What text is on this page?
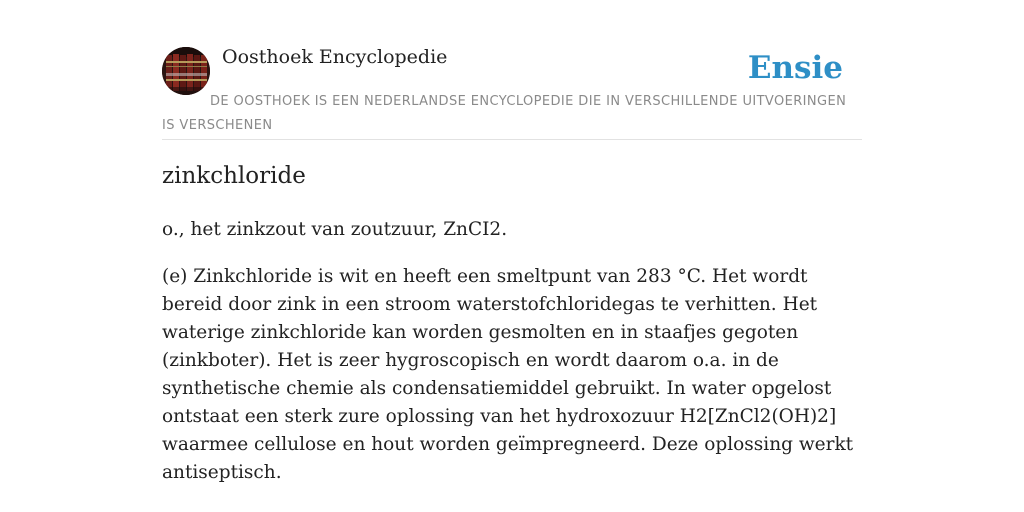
Oosthoek Encyclopedie	Ensie
DE OOSTHOEK IS EEN NEDERLANDSE ENCYCLOPEDIE DIE IN VERSCHILLENDE UITVOERINGEN IS VERSCHENEN
zinkchloride

o., het zinkzout van zoutzuur, ZnCI2.

(e) Zinkchloride is wit en heeft een smeltpunt van 283 °C. Het wordt bereid door zink in een stroom waterstofchloridegas te verhitten. Het waterige zinkchloride kan worden gesmolten en in staafjes gegoten (zinkboter). Het is zeer hygroscopisch en wordt daarom o.a. in de synthetische chemie als condensatiemiddel gebruikt. In water opgelost ontstaat een sterk zure oplossing van het hydroxozuur H2[ZnCl2(OH)2] waarmee cellulose en hout worden geïmpregneerd. Deze oplossing werkt antiseptisch.
